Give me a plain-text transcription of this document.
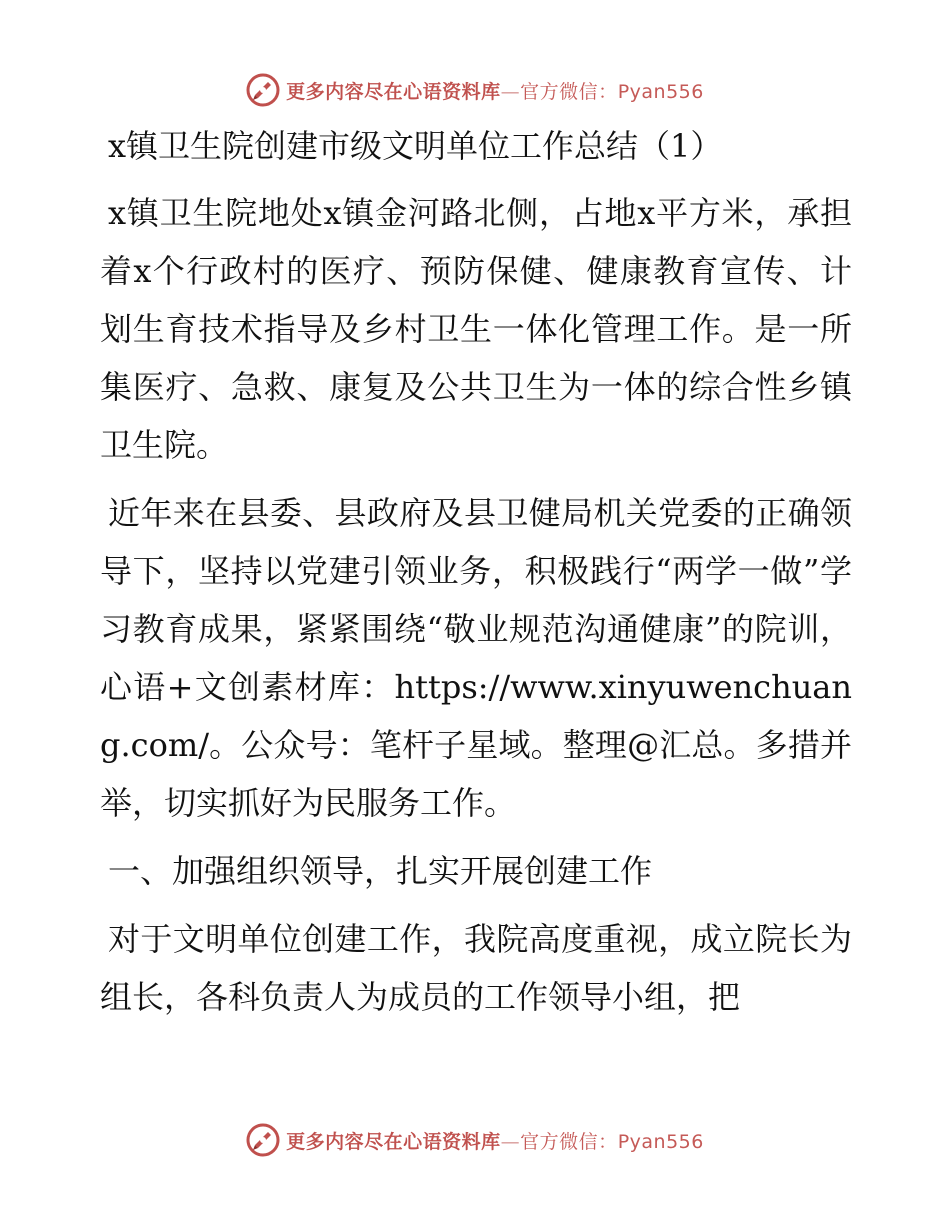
更多内容尽在心语资料库—官方微信：Pyan556
x镇卫生院创建市级文明单位工作总结（1）

x镇卫生院地处x镇金河路北侧，占地x平方米，承担着x个行政村的医疗、预防保健、健康教育宣传、计划生育技术指导及乡村卫生一体化管理工作。是一所集医疗、急救、康复及公共卫生为一体的综合性乡镇卫生院。

近年来在县委、县政府及县卫健局机关党委的正确领导下，坚持以党建引领业务，积极践行“两学一做”学习教育成果，紧紧围绕“敬业规范沟通健康”的院训，心语+文创素材库：https://www.xinyuwenchuang.com/。公众号：笔杆子星域。整理@汇总。多措并举，切实抓好为民服务工作。

一、加强组织领导，扎实开展创建工作

对于文明单位创建工作，我院高度重视，成立院长为组长，各科负责人为成员的工作领导小组，把

更多内容尽在心语资料库—官方微信：Pyan556
